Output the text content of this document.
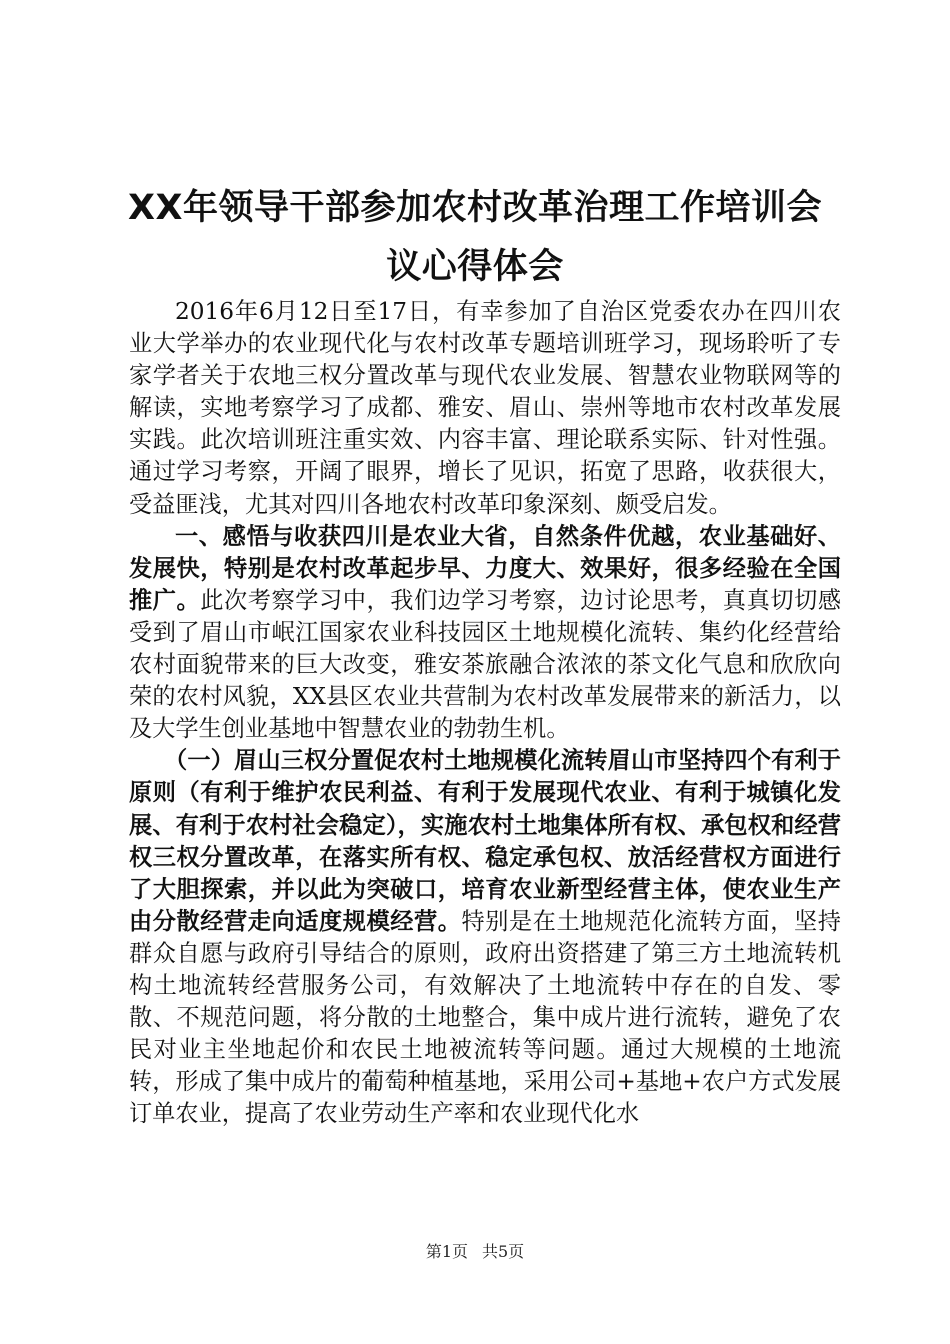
XX年领导干部参加农村改革治理工作培训会
议心得体会

2016年6月12日至17日，有幸参加了自治区党委农办在四川农业大学举办的农业现代化与农村改革专题培训班学习，现场聆听了专家学者关于农地三权分置改革与现代农业发展、智慧农业物联网等的解读，实地考察学习了成都、雅安、眉山、崇州等地市农村改革发展实践。此次培训班注重实效、内容丰富、理论联系实际、针对性强。通过学习考察，开阔了眼界，增长了见识，拓宽了思路，收获很大，受益匪浅，尤其对四川各地农村改革印象深刻、颇受启发。

一、感悟与收获四川是农业大省，自然条件优越，农业基础好、发展快，特别是农村改革起步早、力度大、效果好，很多经验在全国推广。此次考察学习中，我们边学习考察，边讨论思考，真真切切感受到了眉山市岷江国家农业科技园区土地规模化流转、集约化经营给农村面貌带来的巨大改变，雅安茶旅融合浓浓的茶文化气息和欣欣向荣的农村风貌，XX县区农业共营制为农村改革发展带来的新活力，以及大学生创业基地中智慧农业的勃勃生机。

（一）眉山三权分置促农村土地规模化流转眉山市坚持四个有利于原则（有利于维护农民利益、有利于发展现代农业、有利于城镇化发展、有利于农村社会稳定），实施农村土地集体所有权、承包权和经营权三权分置改革，在落实所有权、稳定承包权、放活经营权方面进行了大胆探索，并以此为突破口，培育农业新型经营主体，使农业生产由分散经营走向适度规模经营。特别是在土地规范化流转方面，坚持群众自愿与政府引导结合的原则，政府出资搭建了第三方土地流转机构土地流转经营服务公司，有效解决了土地流转中存在的自发、零散、不规范问题，将分散的土地整合，集中成片进行流转，避免了农民对业主坐地起价和农民土地被流转等问题。通过大规模的土地流转，形成了集中成片的葡萄种植基地，采用公司+基地+农户方式发展订单农业，提高了农业劳动生产率和农业现代化水

第1页 共5页
